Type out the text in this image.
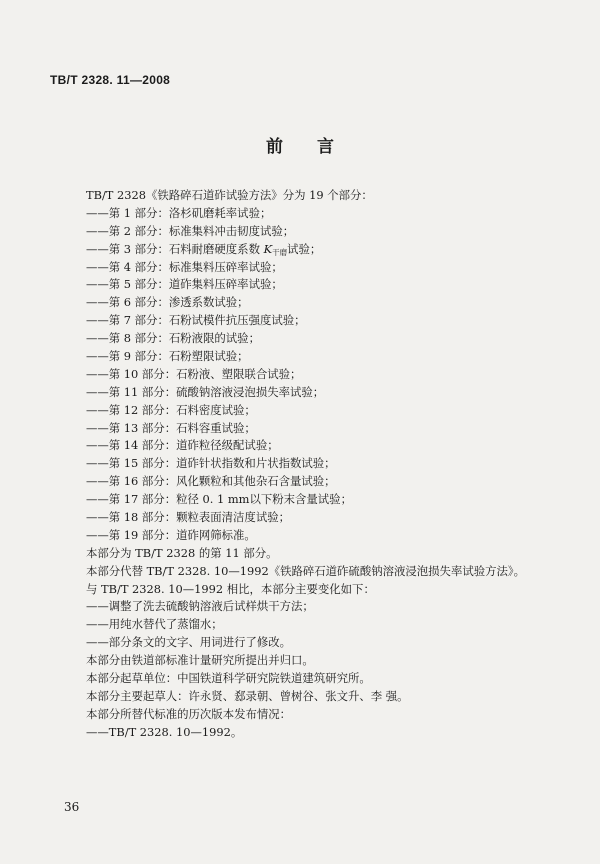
TB/T 2328. 11—2008
前 言
TB/T 2328《铁路碎石道砟试验方法》分为 19 个部分：
——第 1 部分：洛杉矶磨耗率试验；
——第 2 部分：标准集料冲击韧度试验；
——第 3 部分：石料耐磨硬度系数 $K_{干磨}$试验；
——第 4 部分：标准集料压碎率试验；
——第 5 部分：道砟集料压碎率试验；
——第 6 部分：渗透系数试验；
——第 7 部分：石粉试模件抗压强度试验；
——第 8 部分：石粉液限的试验；
——第 9 部分：石粉塑限试验；
——第 10 部分：石粉液、塑限联合试验；
——第 11 部分：硫酸钠溶液浸泡损失率试验；
——第 12 部分：石料密度试验；
——第 13 部分：石料容重试验；
——第 14 部分：道砟粒径级配试验；
——第 15 部分：道砟针状指数和片状指数试验；
——第 16 部分：风化颗粒和其他杂石含量试验；
——第 17 部分：粒径 0. 1 mm以下粉末含量试验；
——第 18 部分：颗粒表面清洁度试验；
——第 19 部分：道砟网筛标准。
本部分为 TB/T 2328 的第 11 部分。
本部分代替 TB/T 2328. 10—1992《铁路碎石道砟硫酸钠溶液浸泡损失率试验方法》。
与 TB/T 2328. 10—1992 相比，本部分主要变化如下：
——调整了洗去硫酸钠溶液后试样烘干方法；
——用纯水替代了蒸馏水；
——部分条文的文字、用词进行了修改。
本部分由铁道部标准计量研究所提出并归口。
本部分起草单位：中国铁道科学研究院铁道建筑研究所。
本部分主要起草人：许永贤、郄录朝、曾树谷、张文升、李 强。
本部分所替代标准的历次版本发布情况：
——TB/T 2328. 10—1992。
36
